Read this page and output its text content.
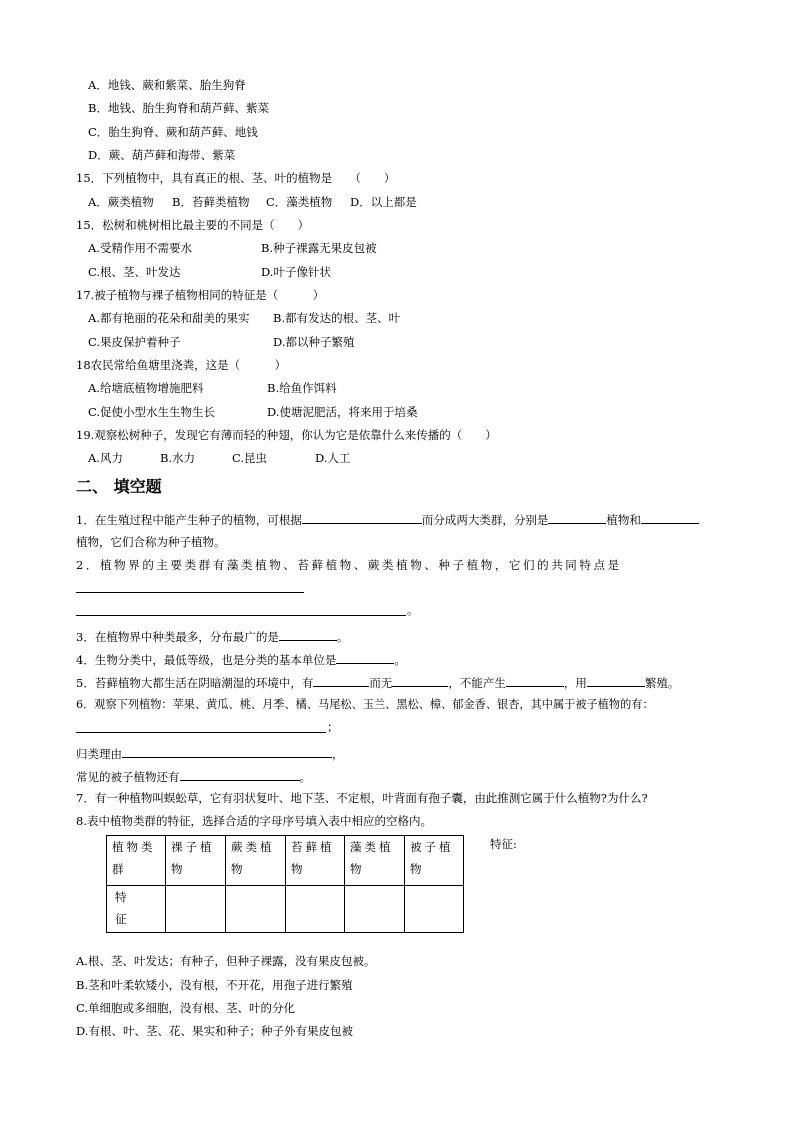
A．地钱、蕨和紫菜、胎生狗脊
B．地钱、胎生狗脊和葫芦藓、紫菜
C．胎生狗脊、蕨和葫芦藓、地钱
D．蕨、葫芦藓和海带、紫菜
15．下列植物中，具有真正的根、茎、叶的植物是　　（　　）
A．蕨类植物 B．苔藓类植物 C．藻类植物 D．以上都是
15．松树和桃树相比最主要的不同是（　　）
A.受精作用不需要水	B.种子裸露无果皮包被
C.根、茎、叶发达	D.叶子像针状
17.被子植物与裸子植物相同的特征是（　　　）
A.都有艳丽的花朵和甜美的果实 B.都有发达的根、茎、叶
C.果皮保护着种子	D.都以种子繁殖
18农民常给鱼塘里浇粪，这是（　　　）
A.给塘底植物增施肥料	B.给鱼作饵料
C.促使小型水生生物生长	D.使塘泥肥活，将来用于培桑
19.观察松树种子，发现它有薄而轻的种翅，你认为它是依靠什么来传播的（　　）
A.风力	B.水力	C.昆虫	D.人工
二、 填空题
1．在生殖过程中能产生种子的植物，可根据	而分成两大类群，分别是	植物和
植物，它们合称为种子植物。
2．植物界的主要类群有藻类植物、苔藓植物、蕨类植物、种子植物，它们的共同特点是
。
3．在植物界中种类最多，分布最广的是	。
4．生物分类中，最低等级，也是分类的基本单位是	。
5．苔藓植物大都生活在阴暗潮湿的环境中，有	而无	，不能产生	，用	繁殖。
6．观察下列植物：苹果、黄瓜、桃、月季、橘、马尾松、玉兰、黑松、樟、郁金香、银杏，其中属于被子植物的有：
；
归类理由	，
常见的被子植物还有	。
7．有一种植物叫蜈蚣草，它有羽状复叶、地下茎、不定根，叶背面有孢子囊，由此推测它属于什么植物?为什么?
8.表中植物类群的特征，选择合适的字母序号填入表中相应的空格内。
植物类群	裸子植物	蕨类植物	苔藓植物	藻类植物	被子植物

特征					

特征:
A.根、茎、叶发达；有种子，但种子裸露，没有果皮包被。
B.茎和叶柔软矮小，没有根，不开花，用孢子进行繁殖
C.单细胞或多细胞，没有根、茎、叶的分化
D.有根、叶、茎、花、果实和种子；种子外有果皮包被
